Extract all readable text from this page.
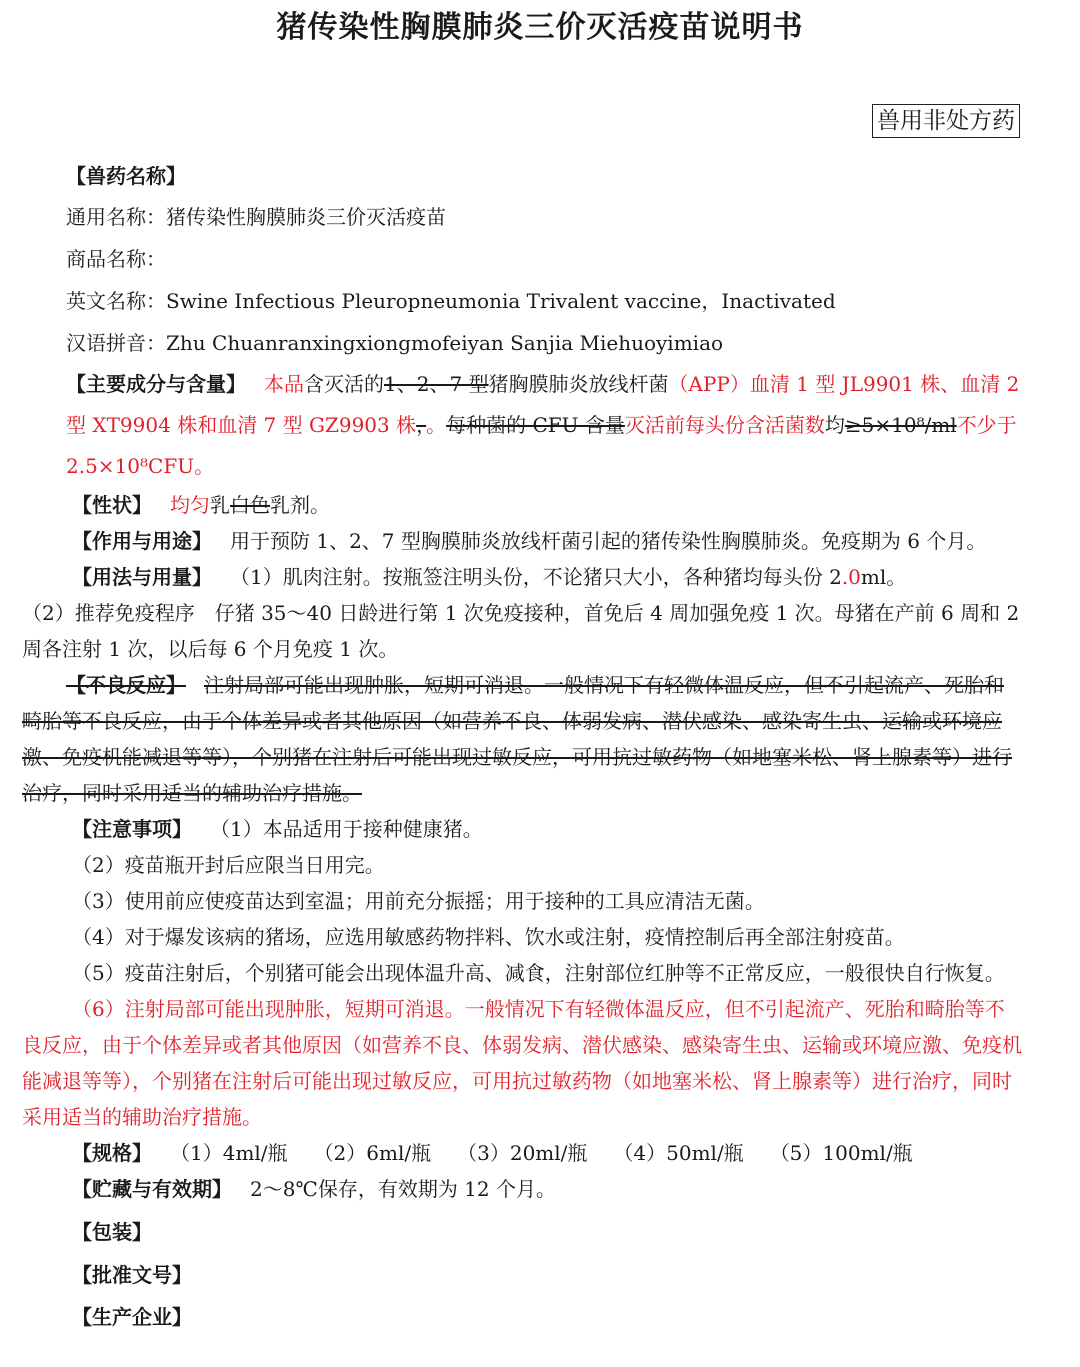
猪传染性胸膜肺炎三价灭活疫苗说明书
兽用非处方药

【兽药名称】

通用名称：猪传染性胸膜肺炎三价灭活疫苗

商品名称：

英文名称：Swine Infectious Pleuropneumonia Trivalent vaccine，Inactivated

汉语拼音：Zhu Chuanranxingxiongmofeiyan Sanjia Miehuoyimiao

【主要成分与含量】 本品含灭活的1、2、7 型猪胸膜肺炎放线杆菌（APP）血清 1 型 JL9901 株、血清 2 型 XT9904 株和血清 7 型 GZ9903 株，。每种菌的 CFU 含量灭活前每头份含活菌数均≥5×10⁸/ml不少于 2.5×10⁸CFU。

【性状】 均匀乳白色乳剂。

【作用与用途】 用于预防 1、2、7 型胸膜肺炎放线杆菌引起的猪传染性胸膜肺炎。免疫期为 6 个月。

【用法与用量】 （1）肌肉注射。按瓶签注明头份，不论猪只大小，各种猪均每头份 2.0ml。

（2）推荐免疫程序　仔猪 35～40 日龄进行第 1 次免疫接种，首免后 4 周加强免疫 1 次。母猪在产前 6 周和 2 周各注射 1 次，以后每 6 个月免疫 1 次。

【不良反应】 注射局部可能出现肿胀，短期可消退。一般情况下有轻微体温反应，但不引起流产、死胎和畸胎等不良反应，由于个体差异或者其他原因（如营养不良、体弱发病、潜伏感染、感染寄生虫、运输或环境应激、免疫机能减退等等），个别猪在注射后可能出现过敏反应，可用抗过敏药物（如地塞米松、肾上腺素等）进行治疗，同时采用适当的辅助治疗措施。

【注意事项】 （1）本品适用于接种健康猪。

（2）疫苗瓶开封后应限当日用完。

（3）使用前应使疫苗达到室温；用前充分振摇；用于接种的工具应清洁无菌。

（4）对于爆发该病的猪场，应选用敏感药物拌料、饮水或注射，疫情控制后再全部注射疫苗。

（5）疫苗注射后，个别猪可能会出现体温升高、减食，注射部位红肿等不正常反应，一般很快自行恢复。

（6）注射局部可能出现肿胀，短期可消退。一般情况下有轻微体温反应，但不引起流产、死胎和畸胎等不良反应，由于个体差异或者其他原因（如营养不良、体弱发病、潜伏感染、感染寄生虫、运输或环境应激、免疫机能减退等等），个别猪在注射后可能出现过敏反应，可用抗过敏药物（如地塞米松、肾上腺素等）进行治疗，同时采用适当的辅助治疗措施。

【规格】 （1）4ml/瓶 （2）6ml/瓶 （3）20ml/瓶 （4）50ml/瓶 （5）100ml/瓶

【贮藏与有效期】 2～8℃保存，有效期为 12 个月。

【包装】

【批准文号】

【生产企业】
